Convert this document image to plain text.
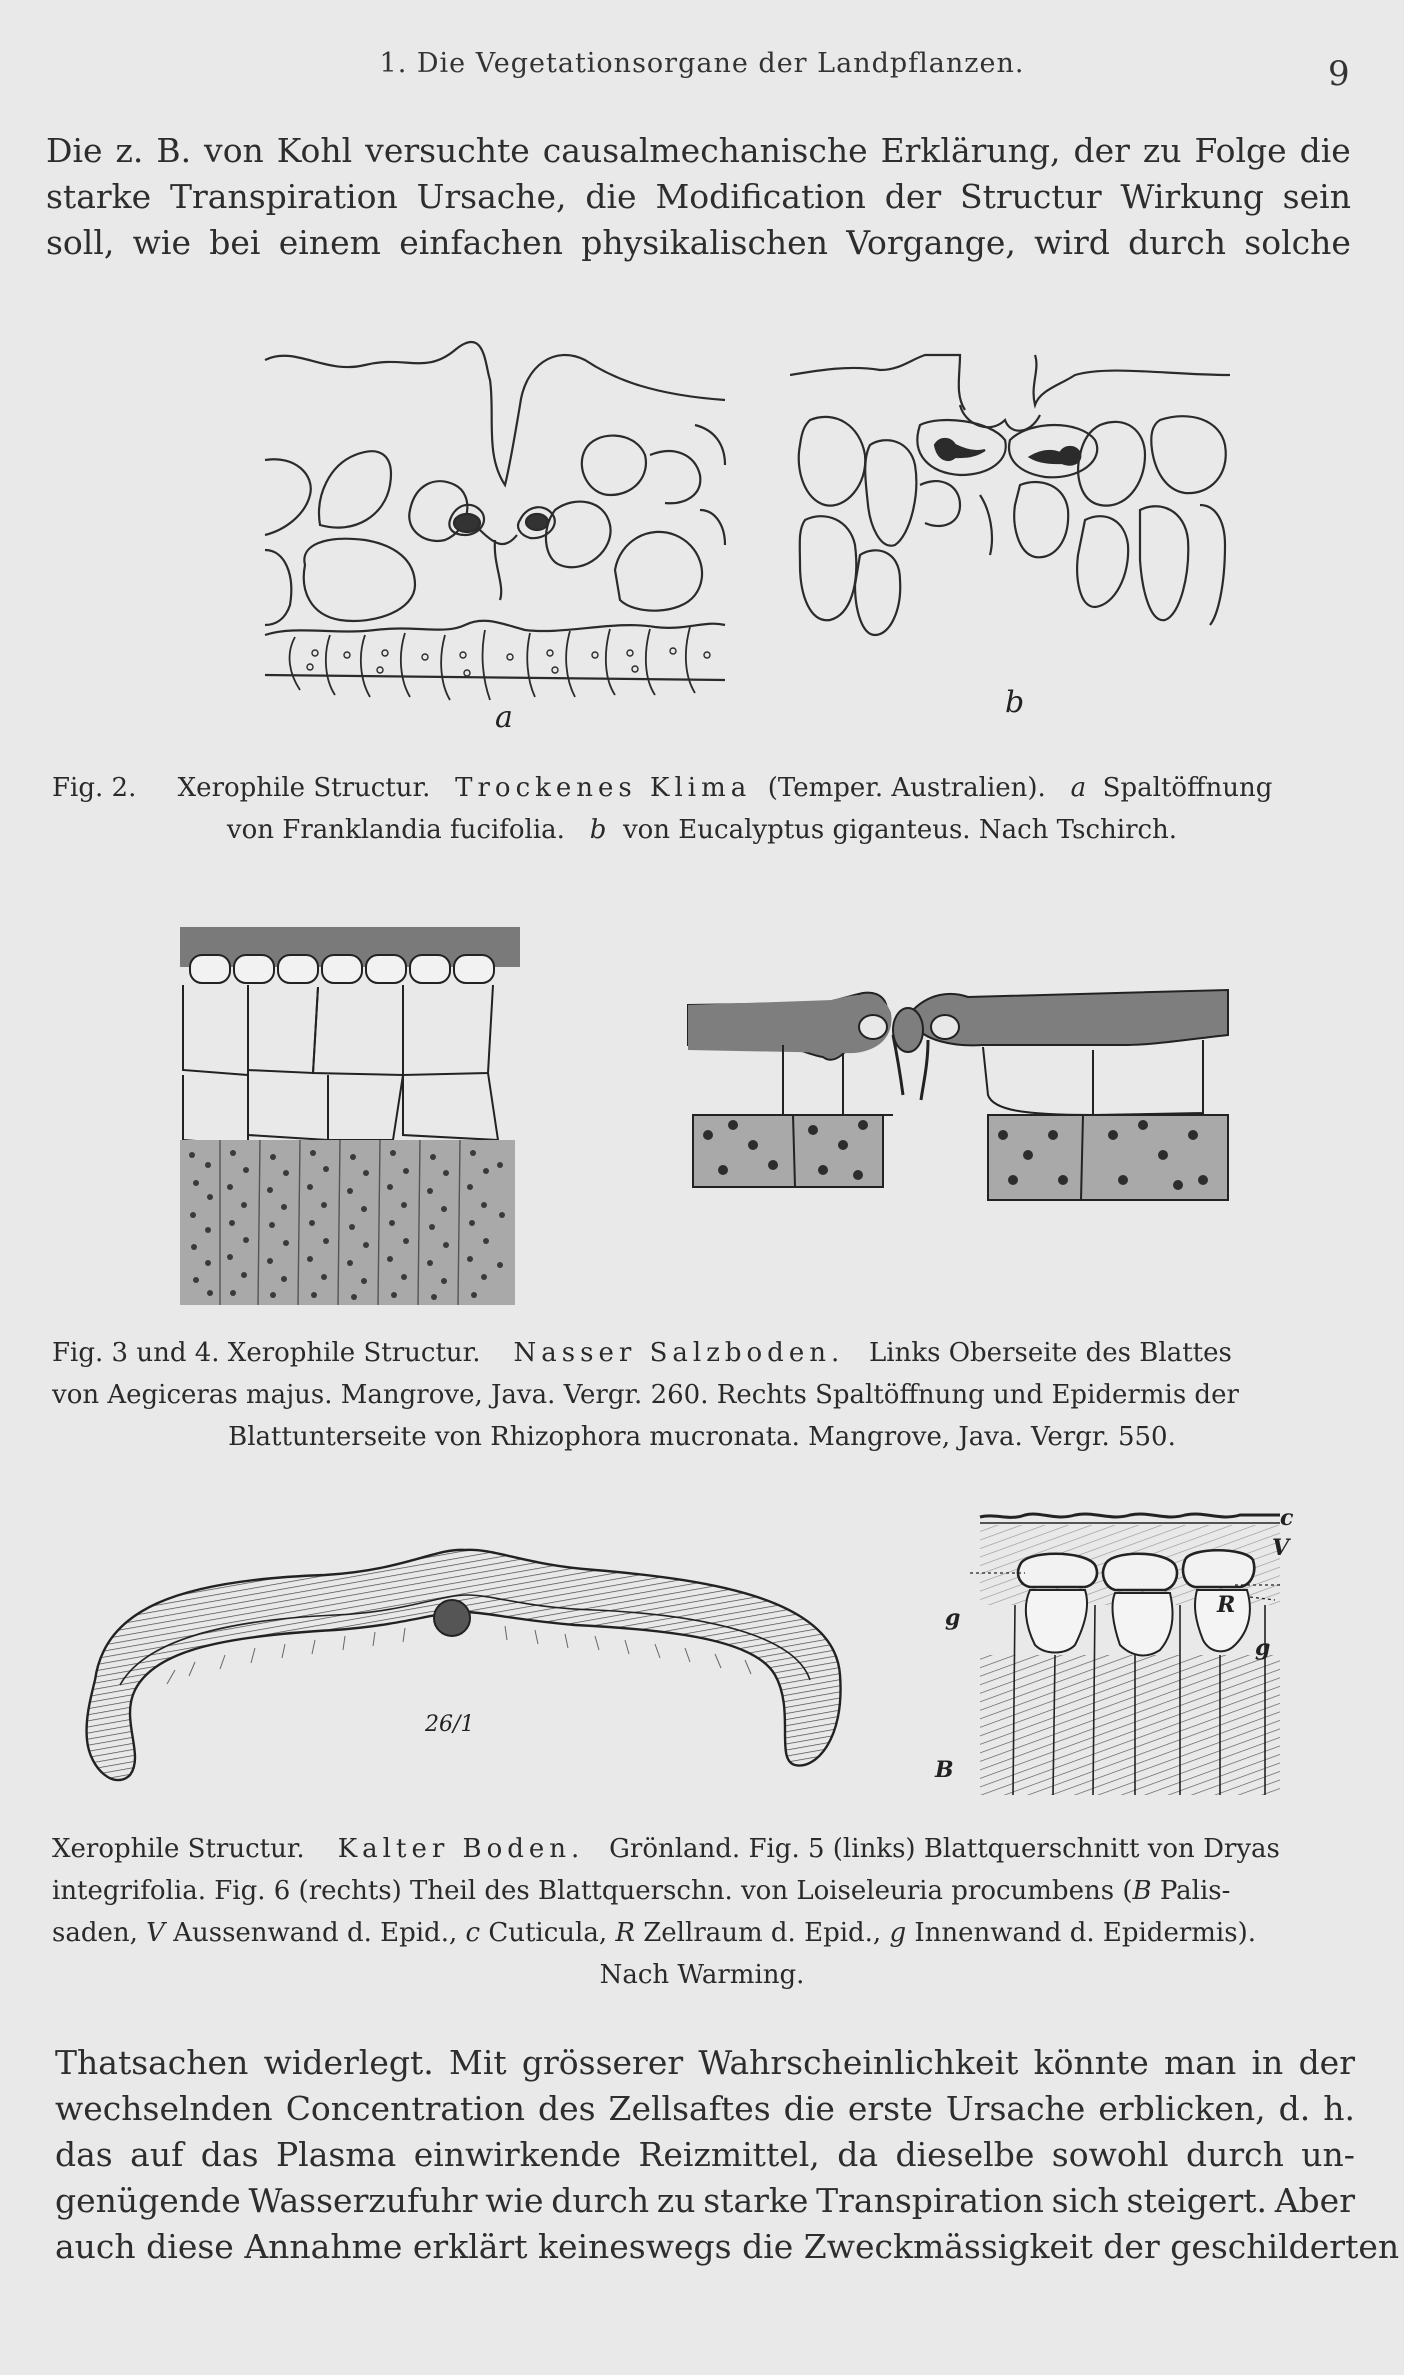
1. Die Vegetationsorgane der Landpflanzen.	9
Die z. B. von Kohl versuchte causalmechanische Erklärung, der zu Folge die
starke Transpiration Ursache, die Modification der Structur Wirkung sein
soll, wie bei einem einfachen physikalischen Vorgange, wird durch solche
a	b
Fig. 2. Xerophile Structur. Trockenes Klima (Temper. Australien). a Spaltöffnung
von Franklandia fucifolia. b von Eucalyptus giganteus. Nach Tschirch.
Fig. 3 und 4. Xerophile Structur. Nasser Salzboden. Links Oberseite des Blattes
von Aegiceras majus. Mangrove, Java. Vergr. 260. Rechts Spaltöffnung und Epidermis der
Blattunterseite von Rhizophora mucronata. Mangrove, Java. Vergr. 550.
26/1
c
V
g	R
g
B
Xerophile Structur. Kalter Boden. Grönland. Fig. 5 (links) Blattquerschnitt von Dryas
integrifolia. Fig. 6 (rechts) Theil des Blattquerschn. von Loiseleuria procumbens (B Palis-
saden, V Aussenwand d. Epid., c Cuticula, R Zellraum d. Epid., g Innenwand d. Epidermis).
Nach Warming.
Thatsachen widerlegt. Mit grösserer Wahrscheinlichkeit könnte man in der
wechselnden Concentration des Zellsaftes die erste Ursache erblicken, d. h.
das auf das Plasma einwirkende Reizmittel, da dieselbe sowohl durch un-
genügende Wasserzufuhr wie durch zu starke Transpiration sich steigert. Aber
auch diese Annahme erklärt keineswegs die Zweckmässigkeit der geschilderten
